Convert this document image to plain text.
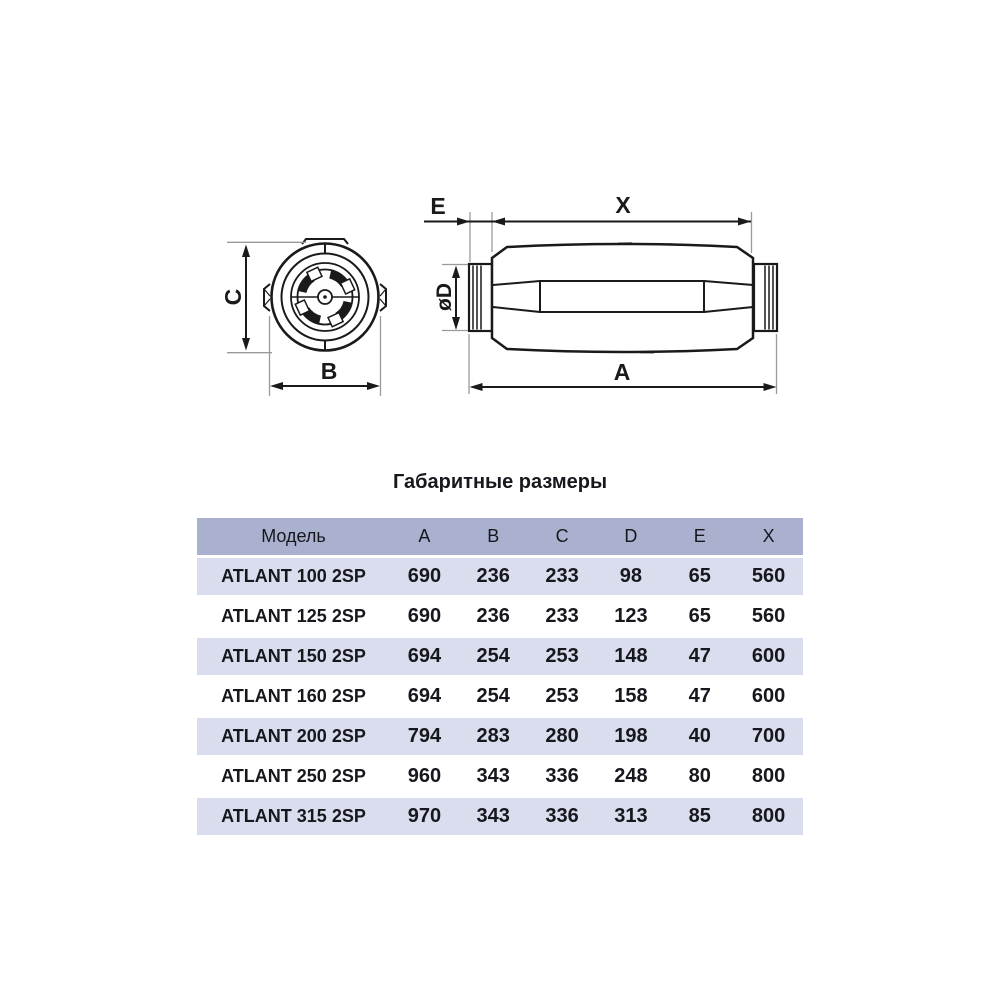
C
B
E	X
øD
A
Габаритные размеры
Модель	A	B	C	D	E	X
ATLANT 100 2SP	690	236	233	98	65	560
ATLANT 125 2SP	690	236	233	123	65	560
ATLANT 150 2SP	694	254	253	148	47	600
ATLANT 160 2SP	694	254	253	158	47	600
ATLANT 200 2SP	794	283	280	198	40	700
ATLANT 250 2SP	960	343	336	248	80	800
ATLANT 315 2SP	970	343	336	313	85	800
